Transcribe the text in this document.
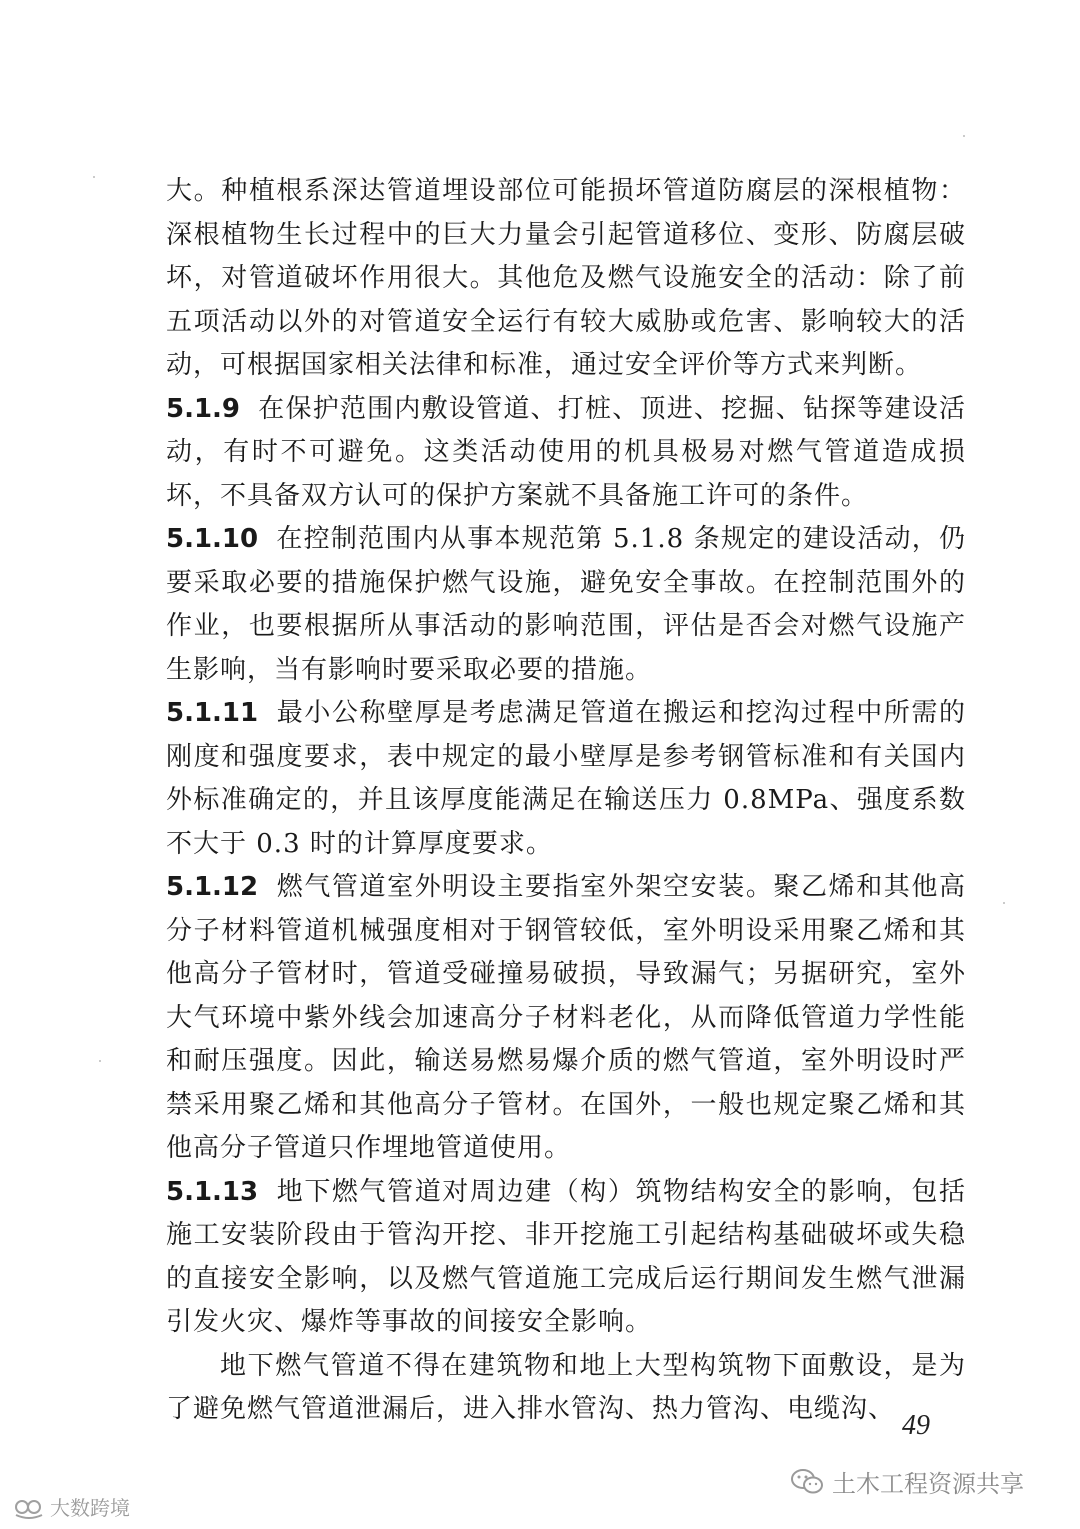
大。种植根系深达管道埋设部位可能损坏管道防腐层的深根植物：深根植物生长过程中的巨大力量会引起管道移位、变形、防腐层破坏，对管道破坏作用很大。其他危及燃气设施安全的活动：除了前五项活动以外的对管道安全运行有较大威胁或危害、影响较大的活动，可根据国家相关法律和标准，通过安全评价等方式来判断。

5.1.9 在保护范围内敷设管道、打桩、顶进、挖掘、钻探等建设活动，有时不可避免。这类活动使用的机具极易对燃气管道造成损坏，不具备双方认可的保护方案就不具备施工许可的条件。

5.1.10 在控制范围内从事本规范第 5.1.8 条规定的建设活动，仍要采取必要的措施保护燃气设施，避免安全事故。在控制范围外的作业，也要根据所从事活动的影响范围，评估是否会对燃气设施产生影响，当有影响时要采取必要的措施。

5.1.11 最小公称壁厚是考虑满足管道在搬运和挖沟过程中所需的刚度和强度要求，表中规定的最小壁厚是参考钢管标准和有关国内外标准确定的，并且该厚度能满足在输送压力 0.8MPa、强度系数不大于 0.3 时的计算厚度要求。

5.1.12 燃气管道室外明设主要指室外架空安装。聚乙烯和其他高分子材料管道机械强度相对于钢管较低，室外明设采用聚乙烯和其他高分子管材时，管道受碰撞易破损，导致漏气；另据研究，室外大气环境中紫外线会加速高分子材料老化，从而降低管道力学性能和耐压强度。因此，输送易燃易爆介质的燃气管道，室外明设时严禁采用聚乙烯和其他高分子管材。在国外，一般也规定聚乙烯和其他高分子管道只作埋地管道使用。

5.1.13 地下燃气管道对周边建（构）筑物结构安全的影响，包括施工安装阶段由于管沟开挖、非开挖施工引起结构基础破坏或失稳的直接安全影响，以及燃气管道施工完成后运行期间发生燃气泄漏引发火灾、爆炸等事故的间接安全影响。

地下燃气管道不得在建筑物和地上大型构筑物下面敷设，是为了避免燃气管道泄漏后，进入排水管沟、热力管沟、电缆沟、

49
土木工程资源共享
大数跨境
